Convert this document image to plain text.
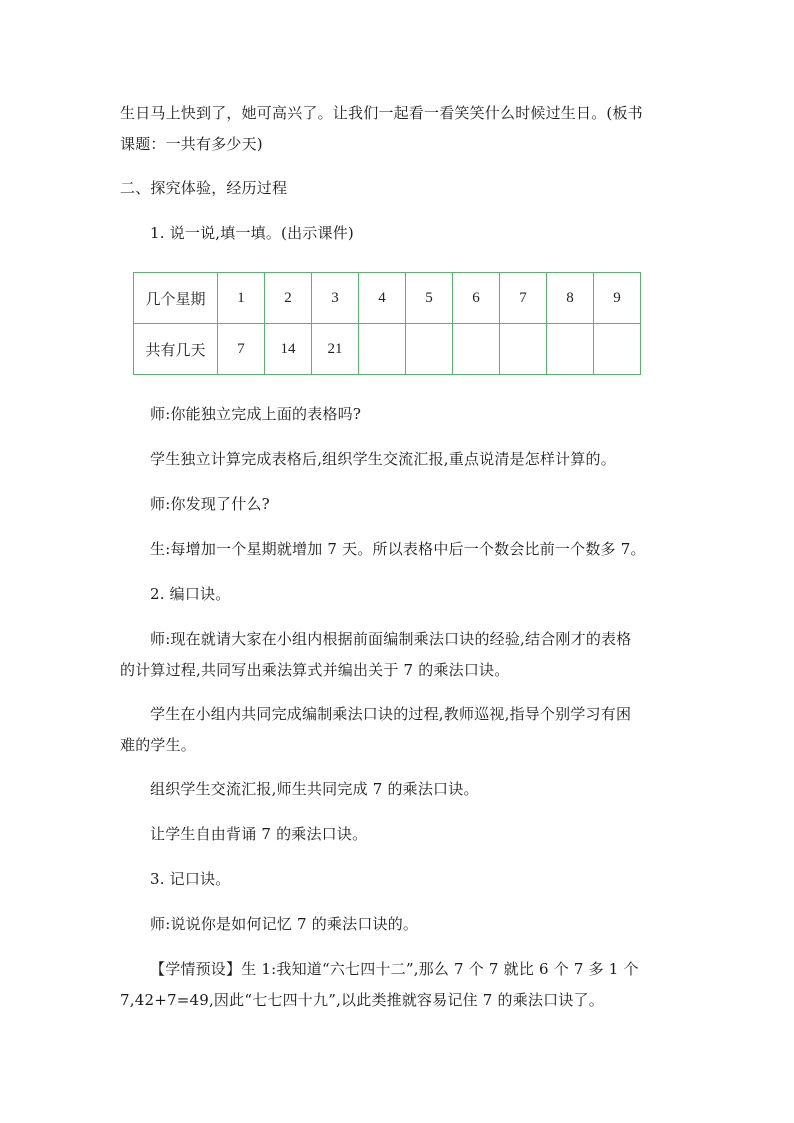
生日马上快到了，她可高兴了。让我们一起看一看笑笑什么时候过生日。(板书
课题：一共有多少天)
二、探究体验，经历过程
1. 说一说,填一填。(出示课件)
几个星期	1	2	3	4	5	6	7	8	9
共有几天	7	14	21						
师:你能独立完成上面的表格吗?
学生独立计算完成表格后,组织学生交流汇报,重点说清是怎样计算的。
师:你发现了什么?
生:每增加一个星期就增加 7 天。所以表格中后一个数会比前一个数多 7。
2. 编口诀。
师:现在就请大家在小组内根据前面编制乘法口诀的经验,结合刚才的表格
的计算过程,共同写出乘法算式并编出关于 7 的乘法口诀。
学生在小组内共同完成编制乘法口诀的过程,教师巡视,指导个别学习有困
难的学生。
组织学生交流汇报,师生共同完成 7 的乘法口诀。
让学生自由背诵 7 的乘法口诀。
3. 记口诀。
师:说说你是如何记忆 7 的乘法口诀的。
【学情预设】生 1:我知道“六七四十二”,那么 7 个 7 就比 6 个 7 多 1 个
7,42+7=49,因此“七七四十九”,以此类推就容易记住 7 的乘法口诀了。
